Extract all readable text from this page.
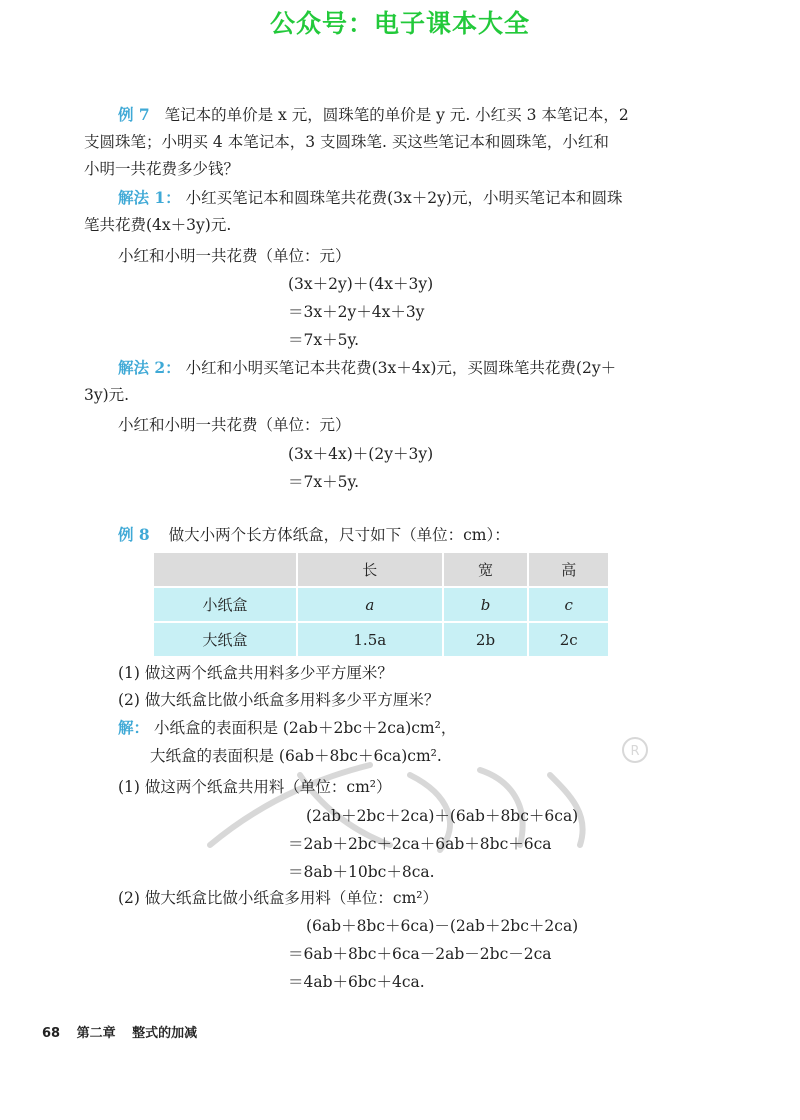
公众号：电子课本大全
R
例 7 笔记本的单价是 x 元，圆珠笔的单价是 y 元. 小红买 3 本笔记本，2
支圆珠笔；小明买 4 本笔记本，3 支圆珠笔. 买这些笔记本和圆珠笔，小红和
小明一共花费多少钱？
解法 1： 小红买笔记本和圆珠笔共花费(3x＋2y)元，小明买笔记本和圆珠
笔共花费(4x＋3y)元.
小红和小明一共花费（单位：元）
(3x＋2y)＋(4x＋3y)
＝3x＋2y＋4x＋3y
＝7x＋5y.
解法 2： 小红和小明买笔记本共花费(3x＋4x)元，买圆珠笔共花费(2y＋
3y)元.
小红和小明一共花费（单位：元）
(3x＋4x)＋(2y＋3y)
＝7x＋5y.
例 8 做大小两个长方体纸盒，尺寸如下（单位：cm）：
	长	宽	高
小纸盒	a	b	c
大纸盒	1.5a	2b	2c
(1) 做这两个纸盒共用料多少平方厘米？
(2) 做大纸盒比做小纸盒多用料多少平方厘米？
解： 小纸盒的表面积是 (2ab＋2bc＋2ca)cm²，
大纸盒的表面积是 (6ab＋8bc＋6ca)cm².
(1) 做这两个纸盒共用料（单位：cm²）
(2ab＋2bc＋2ca)＋(6ab＋8bc＋6ca)
＝2ab＋2bc＋2ca＋6ab＋8bc＋6ca
＝8ab＋10bc＋8ca.
(2) 做大纸盒比做小纸盒多用料（单位：cm²）
(6ab＋8bc＋6ca)－(2ab＋2bc＋2ca)
＝6ab＋8bc＋6ca－2ab－2bc－2ca
＝4ab＋6bc＋4ca.
68 第二章 整式的加减
